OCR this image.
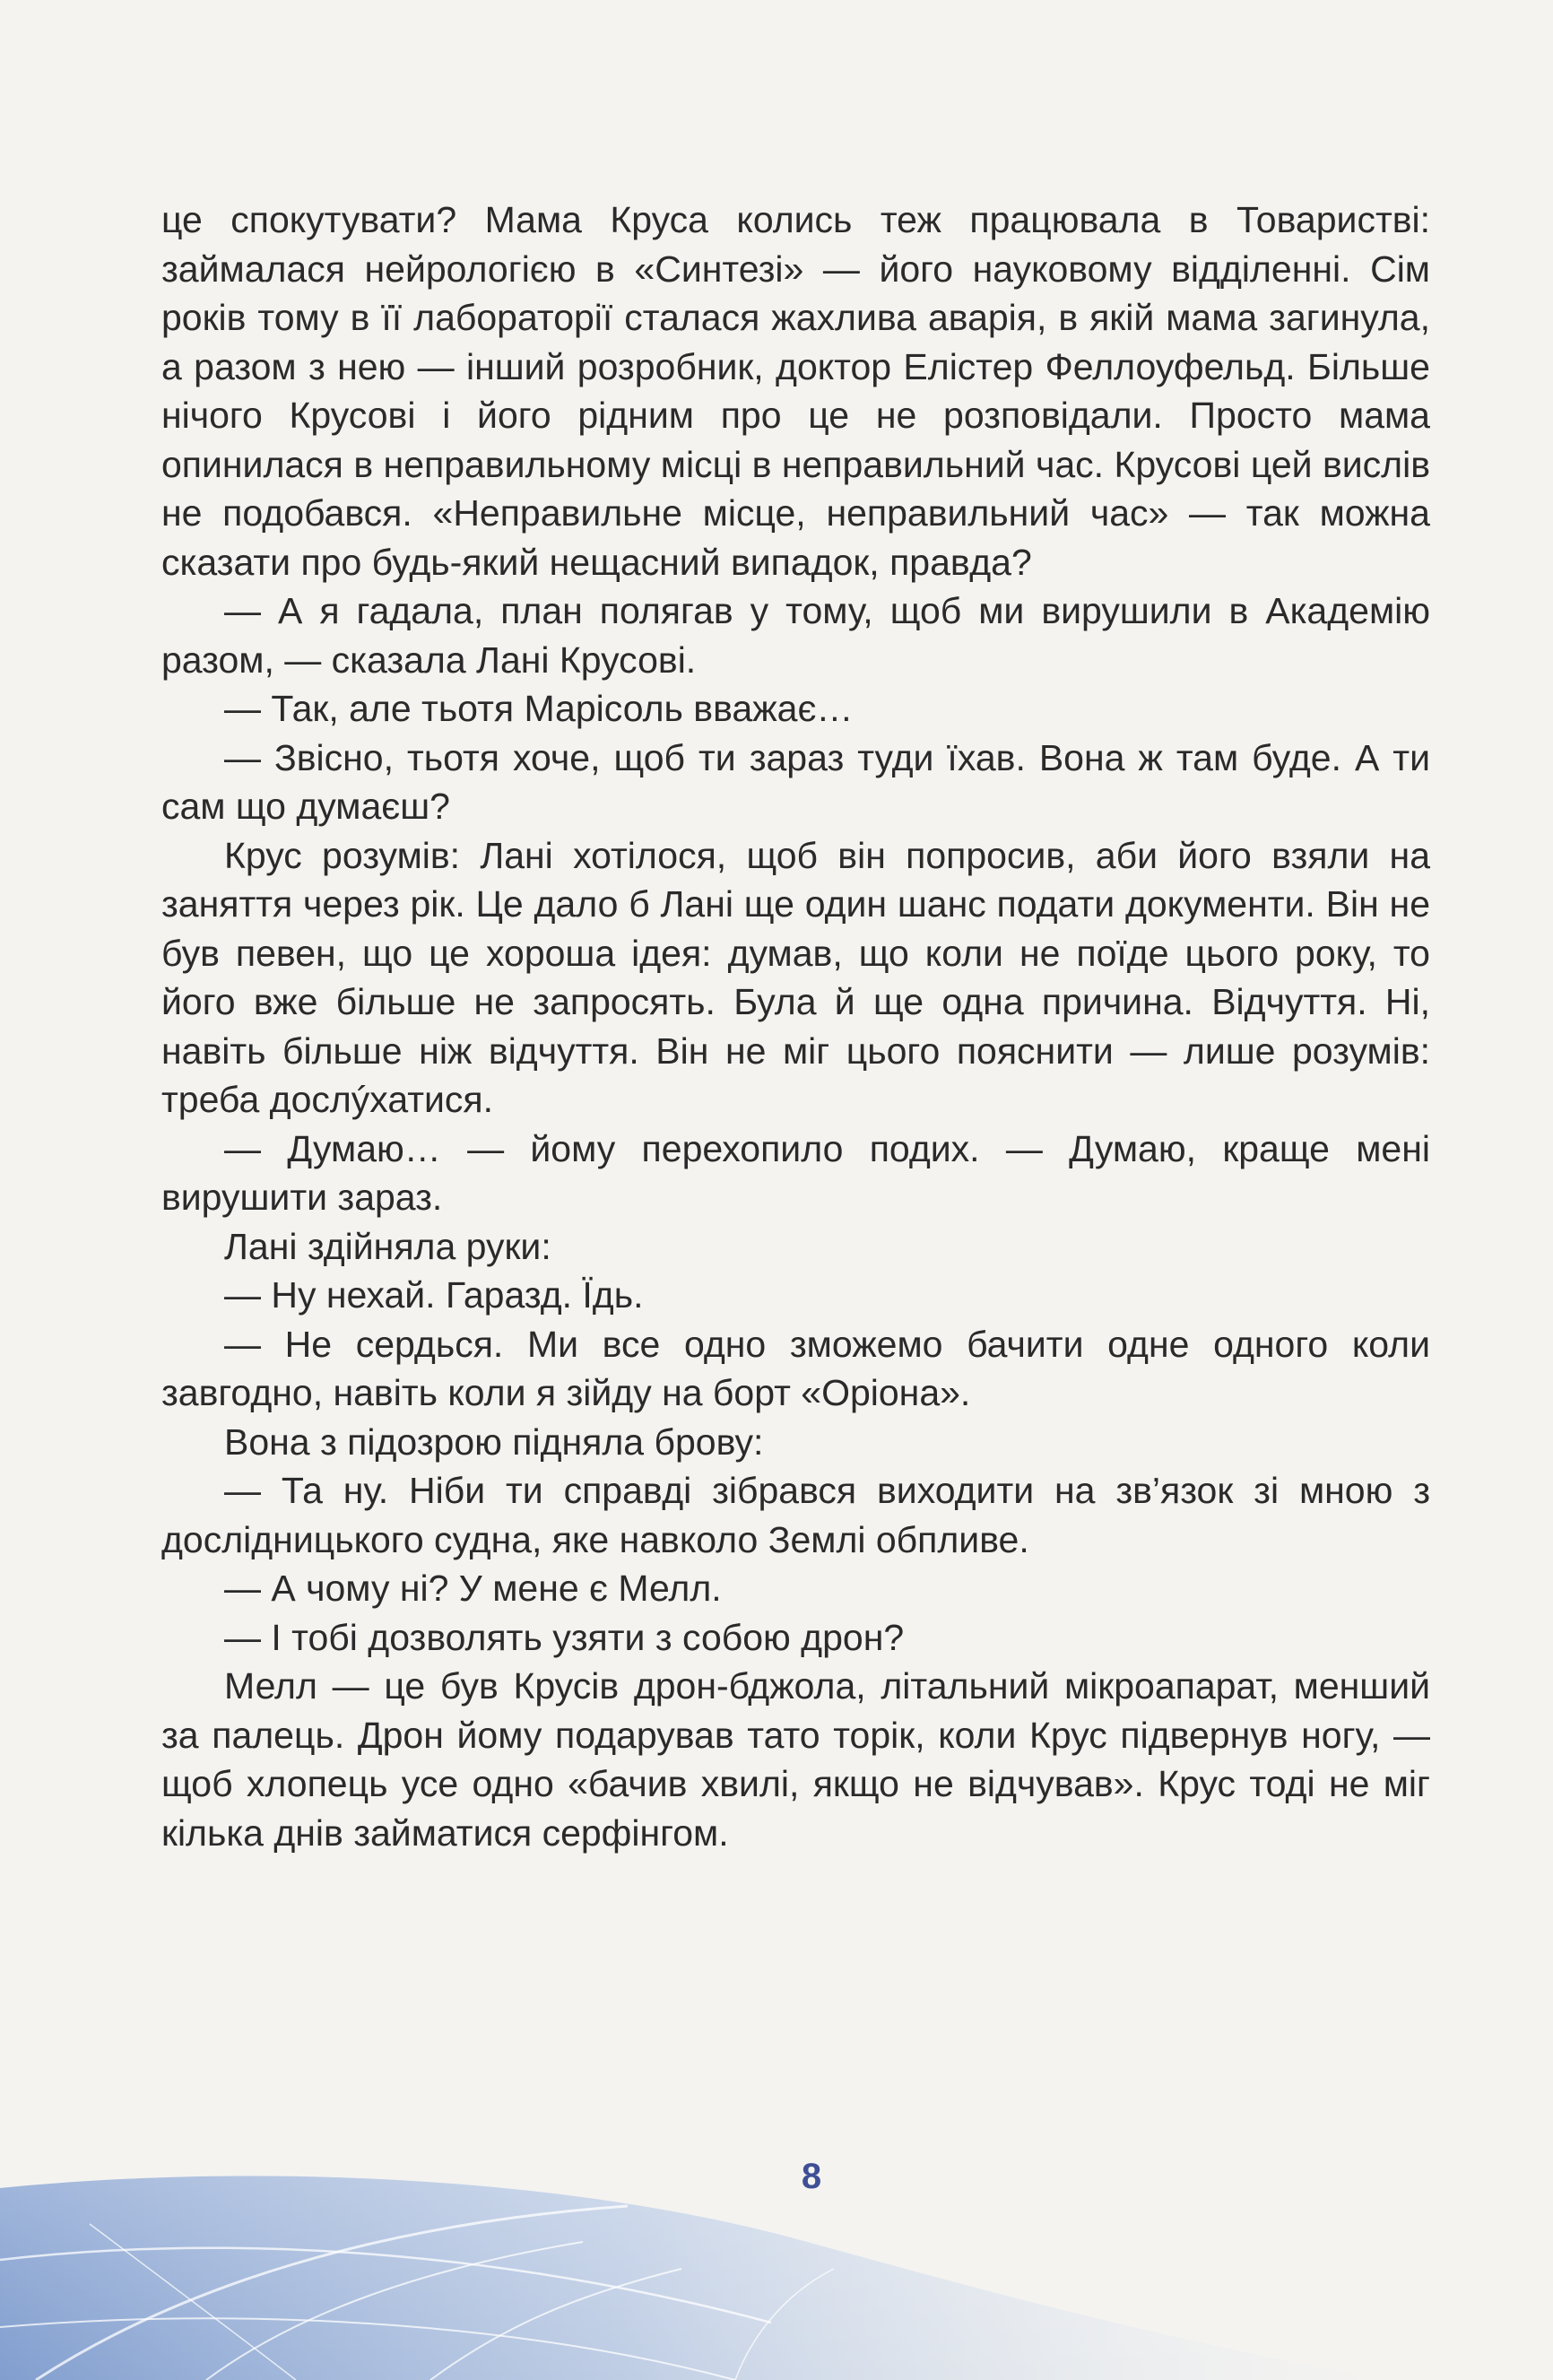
це спокутувати? Мама Круса колись теж працювала в Товаристві: займалася нейрологією в «Синтезі» — його науковому відділенні. Сім років тому в її лабораторії сталася жахлива аварія, в якій мама загинула, а разом з нею — інший розробник, доктор Елістер Феллоуфельд. Більше нічого Крусові і його рідним про це не розповідали. Просто мама опинилася в неправильному місці в неправильний час. Крусові цей вислів не подобався. «Неправильне місце, неправильний час» — так можна сказати про будь-який нещасний випадок, правда?

— А я гадала, план полягав у тому, щоб ми вирушили в Академію разом, — сказала Лані Крусові.

— Так, але тьотя Марісоль вважає…

— Звісно, тьотя хоче, щоб ти зараз туди їхав. Вона ж там буде. А ти сам що думаєш?

Крус розумів: Лані хотілося, щоб він попросив, аби його взяли на заняття через рік. Це дало б Лані ще один шанс подати документи. Він не був певен, що це хороша ідея: думав, що коли не поїде цього року, то його вже більше не запросять. Була й ще одна причина. Відчуття. Ні, навіть більше ніж відчуття. Він не міг цього пояснити — лише розумів: треба дослýхатися.

— Думаю… — йому перехопило подих. — Думаю, краще мені вирушити зараз.

Лані здійняла руки:

— Ну нехай. Гаразд. Їдь.

— Не сердься. Ми все одно зможемо бачити одне одного коли завгодно, навіть коли я зійду на борт «Оріона».

Вона з підозрою підняла брову:

— Та ну. Ніби ти справді зібрався виходити на зв’язок зі мною з дослідницького судна, яке навколо Землі обпливе.

— А чому ні? У мене є Мелл.

— І тобі дозволять узяти з собою дрон?

Мелл — це був Крусів дрон-бджола, літальний мікроапарат, менший за палець. Дрон йому подарував тато торік, коли Крус підвернув ногу, — щоб хлопець усе одно «бачив хвилі, якщо не відчував». Крус тоді не міг кілька днів займатися серфінгом.

8
